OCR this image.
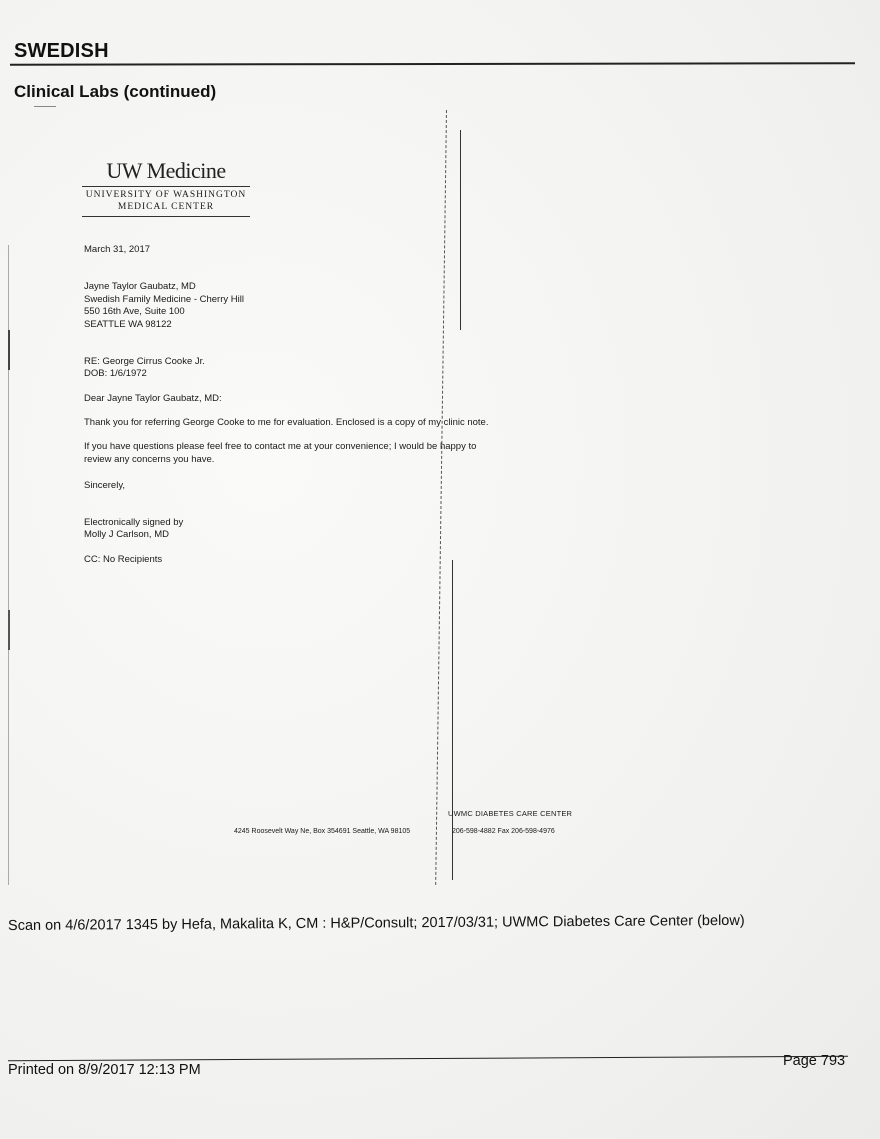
SWEDISH
Clinical Labs (continued)
UW Medicine
UNIVERSITY OF WASHINGTON
MEDICAL CENTER
March 31, 2017
Jayne Taylor Gaubatz, MD
Swedish Family Medicine - Cherry Hill
550 16th Ave, Suite 100
SEATTLE WA 98122
RE: George Cirrus Cooke Jr.
DOB: 1/6/1972
Dear Jayne Taylor Gaubatz, MD:
Thank you for referring George Cooke to me for evaluation. Enclosed is a copy of my clinic note.
If you have questions please feel free to contact me at your convenience; I would be happy to
review any concerns you have.
Sincerely,
Electronically signed by
Molly J Carlson, MD
CC: No Recipients
UWMC DIABETES CARE CENTER
4245 Roosevelt Way Ne, Box 354691 Seattle, WA 98105	206-598-4882 Fax 206-598-4976
Scan on 4/6/2017 1345 by Hefa, Makalita K, CM : H&P/Consult; 2017/03/31; UWMC Diabetes Care Center (below)
Printed on 8/9/2017 12:13 PM
Page 793
